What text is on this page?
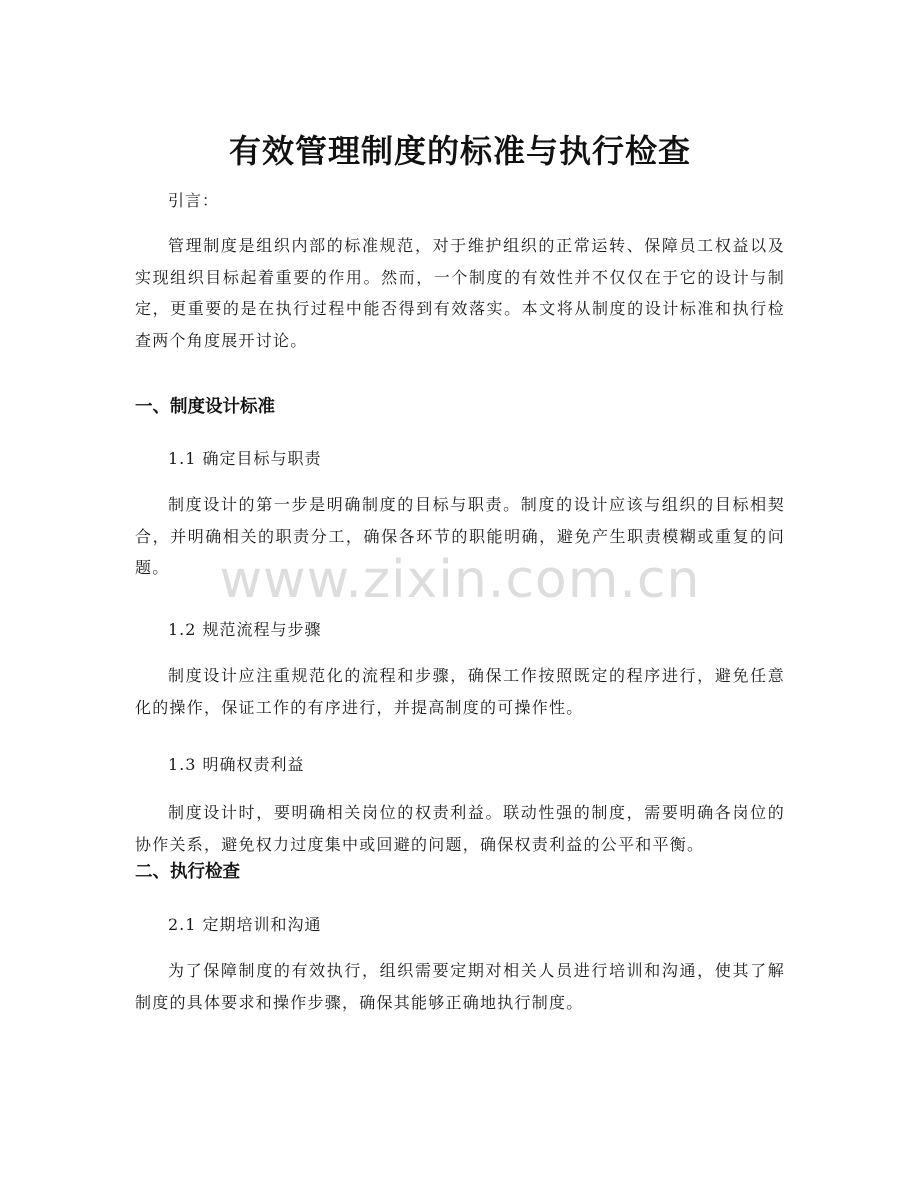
有效管理制度的标准与执行检查

引言：

管理制度是组织内部的标准规范，对于维护组织的正常运转、保障员工权益以及实现组织目标起着重要的作用。然而，一个制度的有效性并不仅仅在于它的设计与制定，更重要的是在执行过程中能否得到有效落实。本文将从制度的设计标准和执行检查两个角度展开讨论。

一、制度设计标准

1.1 确定目标与职责

制度设计的第一步是明确制度的目标与职责。制度的设计应该与组织的目标相契合，并明确相关的职责分工，确保各环节的职能明确，避免产生职责模糊或重复的问题。

1.2 规范流程与步骤

制度设计应注重规范化的流程和步骤，确保工作按照既定的程序进行，避免任意化的操作，保证工作的有序进行，并提高制度的可操作性。

1.3 明确权责利益

制度设计时，要明确相关岗位的权责利益。联动性强的制度，需要明确各岗位的协作关系，避免权力过度集中或回避的问题，确保权责利益的公平和平衡。

二、执行检查

2.1 定期培训和沟通

为了保障制度的有效执行，组织需要定期对相关人员进行培训和沟通，使其了解制度的具体要求和操作步骤，确保其能够正确地执行制度。

www.zixin.com.cn
